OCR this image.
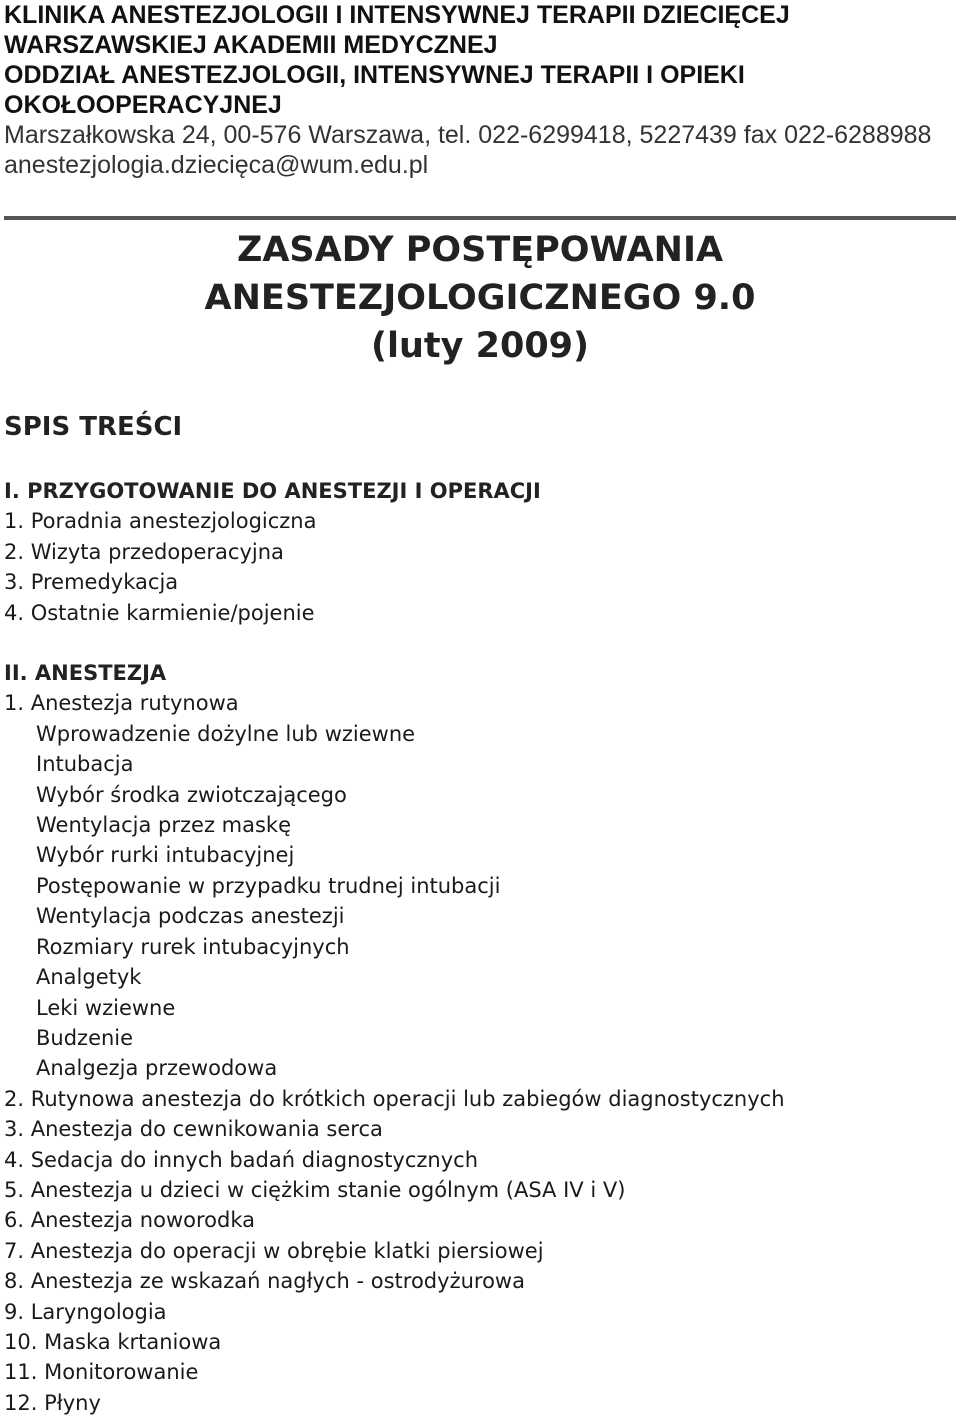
KLINIKA ANESTEZJOLOGII I INTENSYWNEJ TERAPII DZIECIĘCEJ
WARSZAWSKIEJ AKADEMII MEDYCZNEJ
ODDZIAŁ ANESTEZJOLOGII, INTENSYWNEJ TERAPII I OPIEKI
OKOŁOOPERACYJNEJ
Marszałkowska 24, 00-576 Warszawa, tel. 022-6299418, 5227439 fax 022-6288988
anestezjologia.dziecięca@wum.edu.pl
ZASADY POSTĘPOWANIA
ANESTEZJOLOGICZNEGO 9.0
(luty 2009)
SPIS TREŚCI
I. PRZYGOTOWANIE DO ANESTEZJI I OPERACJI
1. Poradnia anestezjologiczna
2. Wizyta przedoperacyjna
3. Premedykacja
4. Ostatnie karmienie/pojenie
II. ANESTEZJA
1. Anestezja rutynowa
Wprowadzenie dożylne lub wziewne
Intubacja
Wybór środka zwiotczającego
Wentylacja przez maskę
Wybór rurki intubacyjnej
Postępowanie w przypadku trudnej intubacji
Wentylacja podczas anestezji
Rozmiary rurek intubacyjnych
Analgetyk
Leki wziewne
Budzenie
Analgezja przewodowa
2. Rutynowa anestezja do krótkich operacji lub zabiegów diagnostycznych
3. Anestezja do cewnikowania serca
4. Sedacja do innych badań diagnostycznych
5. Anestezja u dzieci w ciężkim stanie ogólnym (ASA IV i V)
6. Anestezja noworodka
7. Anestezja do operacji w obrębie klatki piersiowej
8. Anestezja ze wskazań nagłych - ostrodyżurowa
9. Laryngologia
10. Maska krtaniowa
11. Monitorowanie
12. Płyny
